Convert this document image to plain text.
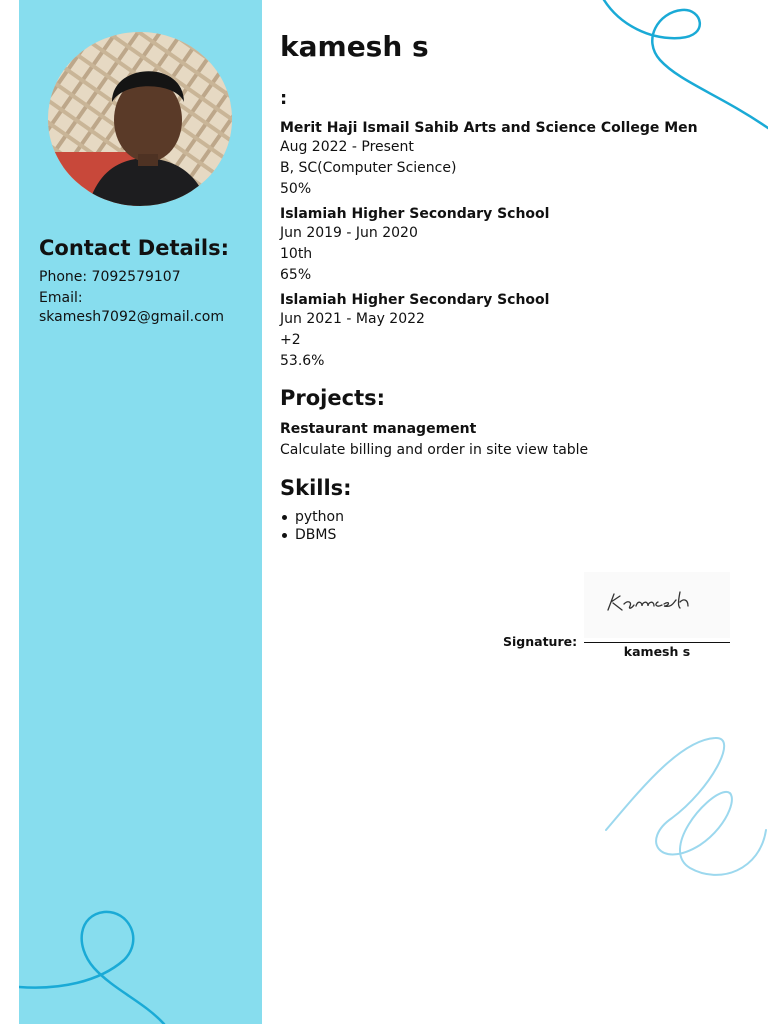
Contact Details:
Phone: 7092579107
Email:
skamesh7092@gmail.com
kamesh s
:
Merit Haji Ismail Sahib Arts and Science College Men
Aug 2022 - Present
B, SC(Computer Science)
50%
Islamiah Higher Secondary School
Jun 2019 - Jun 2020
10th
65%
Islamiah Higher Secondary School
Jun 2021 - May 2022
+2
53.6%
Projects:
Restaurant management
Calculate billing and order in site view table
Skills:
python
DBMS
Signature:
kamesh s
